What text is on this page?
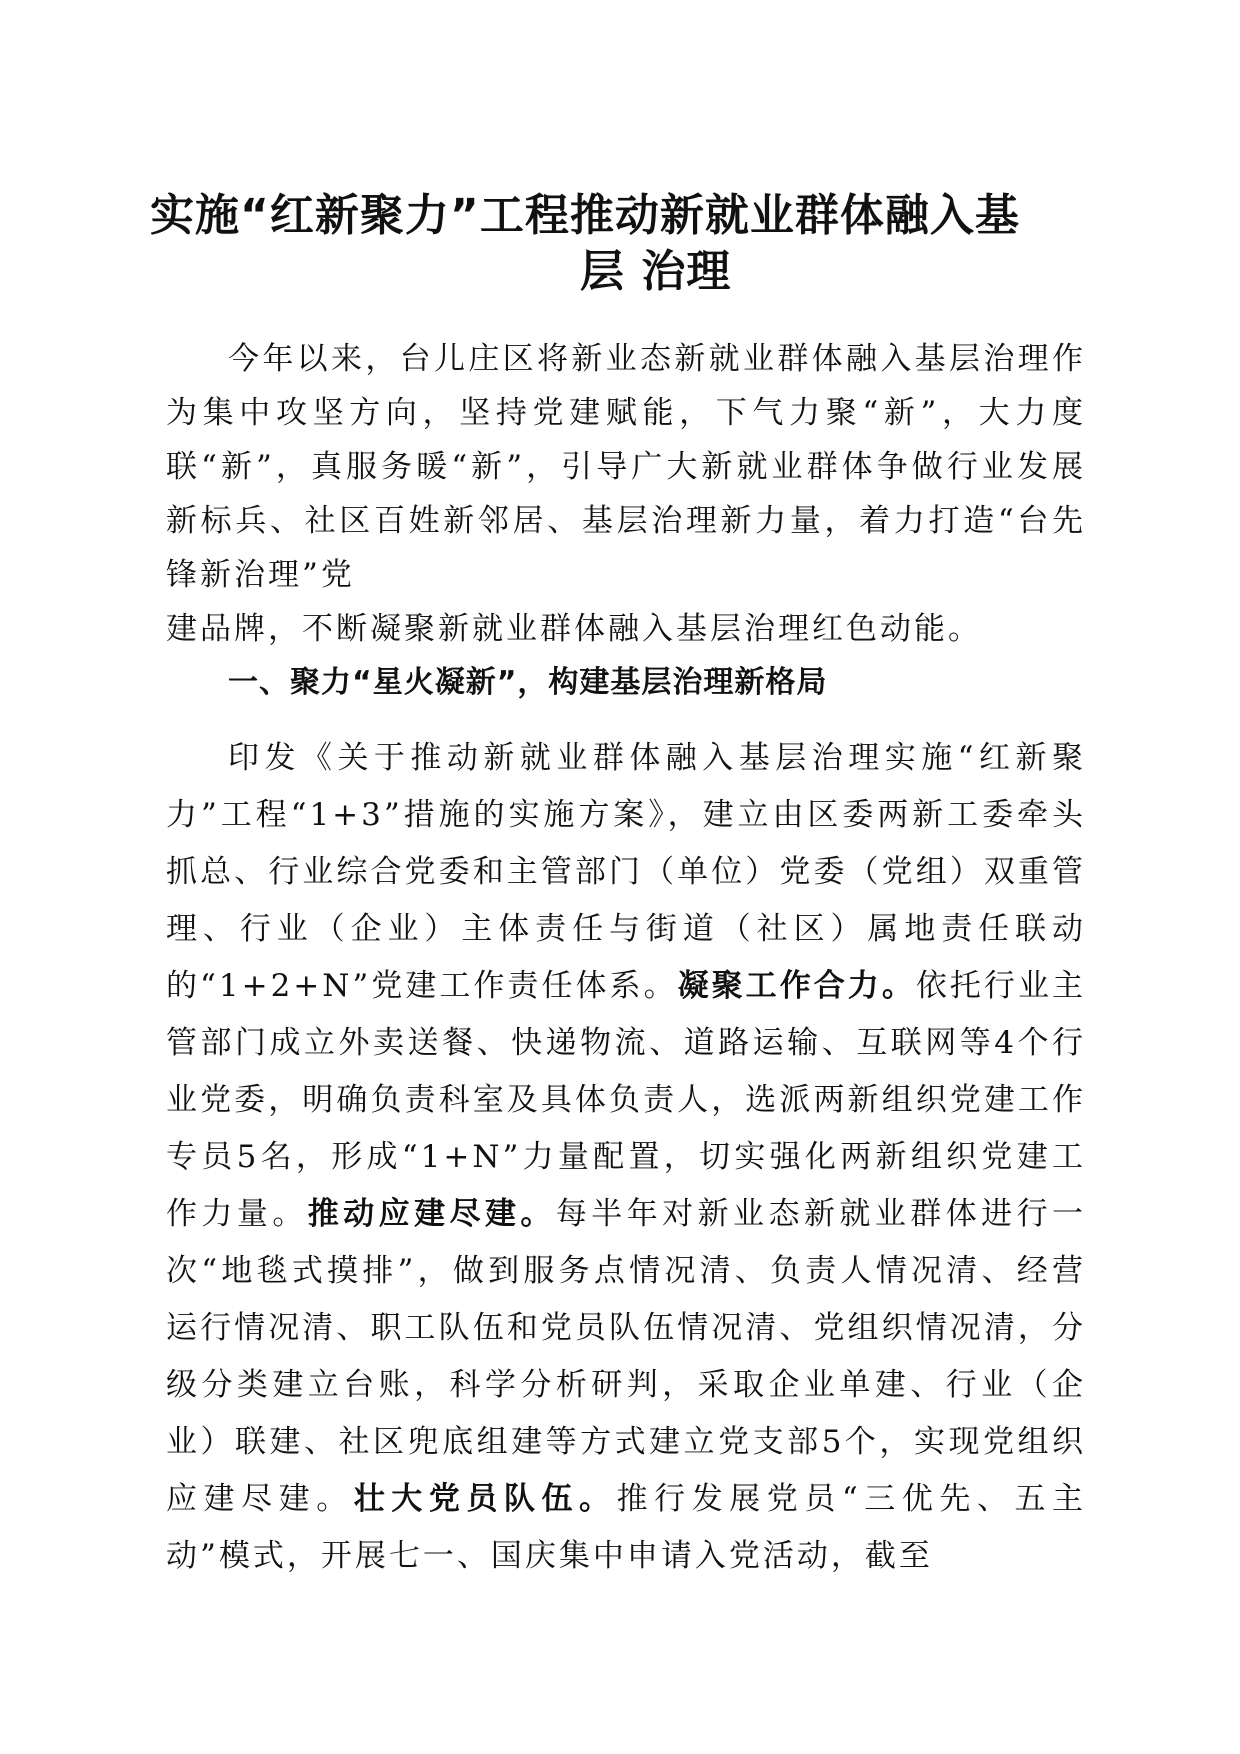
实施“红新聚力”工程推动新就业群体融入基
层 治理

今年以来，台儿庄区将新业态新就业群体融入基层治理作为集中攻坚方向，坚持党建赋能，下气力聚“新”，大力度联“新”，真服务暖“新”，引导广大新就业群体争做行业发展新标兵、社区百姓新邻居、基层治理新力量，着力打造“台先锋新治理”党

建品牌，不断凝聚新就业群体融入基层治理红色动能。

一、聚力“星火凝新”，构建基层治理新格局

印发《关于推动新就业群体融入基层治理实施“红新聚力”工程“1+3”措施的实施方案》，建立由区委两新工委牵头抓总、行业综合党委和主管部门（单位）党委（党组）双重管理、行业（企业）主体责任与街道（社区）属地责任联动的“1+2+N”党建工作责任体系。凝聚工作合力。依托行业主管部门成立外卖送餐、快递物流、道路运输、互联网等4个行业党委，明确负责科室及具体负责人，选派两新组织党建工作专员5名，形成“1+N”力量配置，切实强化两新组织党建工作力量。推动应建尽建。每半年对新业态新就业群体进行一次“地毯式摸排”，做到服务点情况清、负责人情况清、经营运行情况清、职工队伍和党员队伍情况清、党组织情况清，分级分类建立台账，科学分析研判，采取企业单建、行业（企业）联建、社区兜底组建等方式建立党支部5个，实现党组织应建尽建。壮大党员队伍。推行发展党员“三优先、五主动”模式，开展七一、国庆集中申请入党活动，截至
